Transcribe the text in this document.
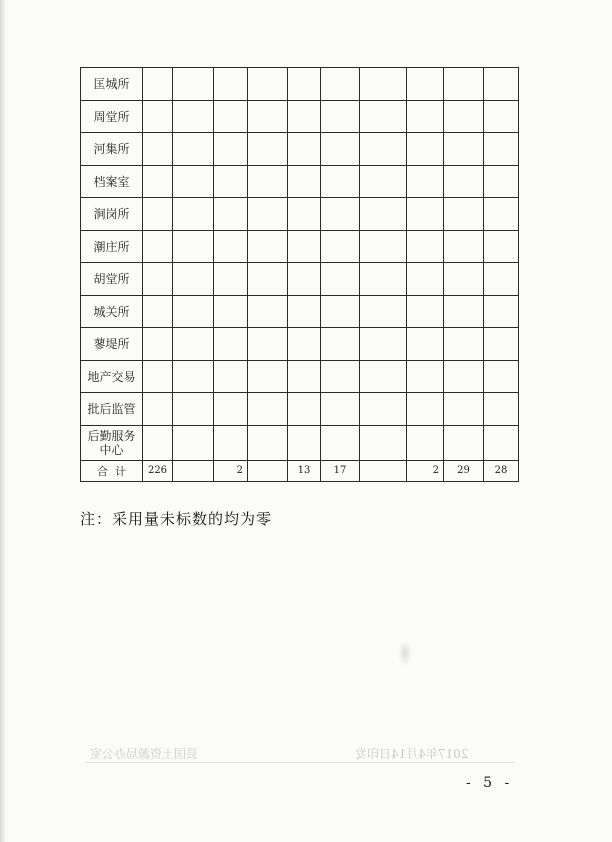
匡城所										
周堂所										
河集所										
档案室										
涧岗所										
潮庄所										
胡堂所										
城关所										
蓼堤所										
地产交易										
批后监管										

后勤服务
中心										

合  计	226		2		13	17		2	29	28
注：采用量未标数的均为零
县国土资源局办公室	2017年4月14日印发
- 5 -
